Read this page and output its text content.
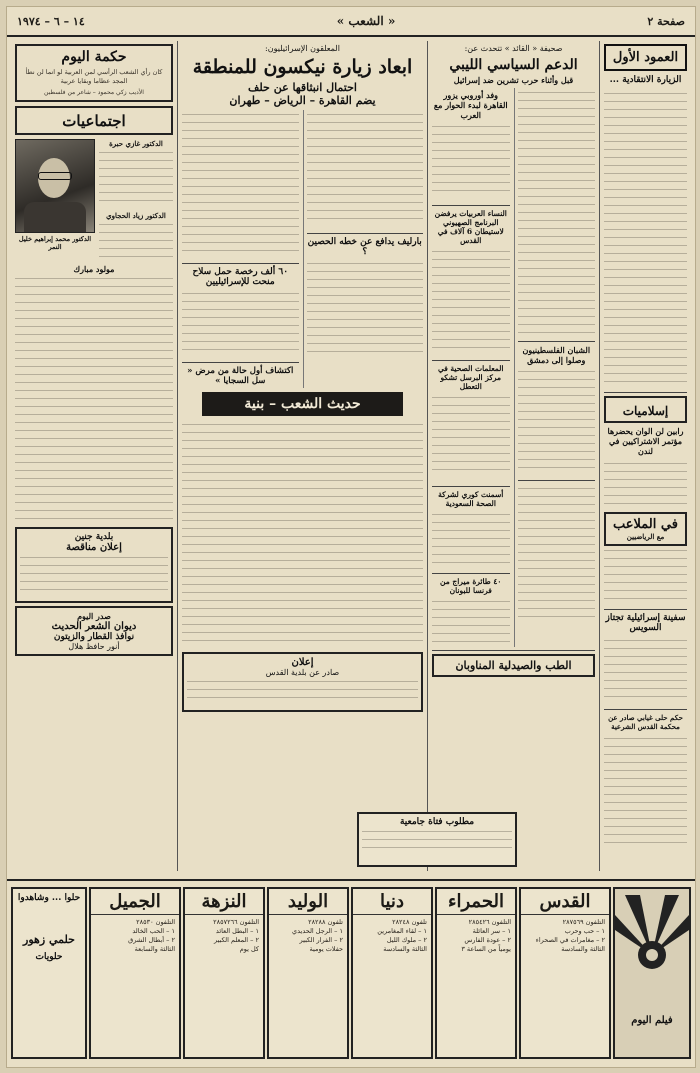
١٤ – ٦ – ١٩٧٤	« الشعب »	صفحة ٢
العمود الأول
الزيارة الانتقادية ...
إسلاميات
رابين لن الوان يحضرها مؤتمر الاشتراكيين في لندن
في الملاعب
مع الرياضيين
سفينة إسرائيلية تجتاز السويس
حكم حلى غيابي صادر عن محكمة القدس الشرعية
صحيفة « القائد » تتحدث عن:
الدعم السياسي الليبي
قبل وأثناء حرب تشرين ضد إسرائيل
وفد أوروبي يزور القاهرة لبدء الحوار مع العرب
النساء العربيات يرفضن البرنامج الصهيوني لاستيطان 6 آلاف في القدس
المعلمات الصحية في مركز البرسل تشكو التعطل
أسمنت كوري لشركة الصحة السعودية
٤٠ طائرة ميراج من فرنسا للبونان
الشبان الفلسطينيون وصلوا إلى دمشق
الطب والصيدلية المناوبان
المعلقون الإسرائيليون:
ابعاد زيارة نيكسون للمنطقة
احتمال انبثاقها عن حلف
يضم القاهرة – الرياض – طهران
٦٠ ألف رخصة حمل سلاح منحت للإسرائيليين
اكتشاف أول حالة من مرض « سل السجايا »
بارليف يدافع عن خطه الحصين ؟
حديث الشعب – بنية
إعلان
صادر عن بلدية القدس
مطلوب فتاة جامعية
حكمة اليوم
كان رأي الشعب الرأسي لمن العربية لو انما لن نطأ المجد عظاما وبقايا عربية
الأديب زكي محمود – شاعر من فلسطين
اجتماعيات
الدكتور محمد إبراهيم خليل النمر
الدكتور غازي حبرة
الدكتور زياد الحجاوي
مولود مبارك
بلدية جنين
إعلان مناقصة
صدر اليوم
ديوان الشعر الحديث
نوافذ القطار والزيتون
أنور حافظ هلال
القدس
التلفون ٢٨٧٥٦٩
١ – حب وحرب
٢ – مغامرات في الصحراء
الثالثة والسادسة
الحمراء
التلفون ٢٨٥٤٢٦
١ – سر العائلة
٢ – عودة الفارس
يومياً من الساعة ٣
دنيا
تلفون ٢٨٢٤٨
١ – لقاء المغامرين
٢ – ملوك الليل
الثالثة والسادسة
الوليد
تلفون ٢٨٢٨٨
١ – الرجل الحديدي
٢ – الفرار الكبير
حفلات يومية
النزهة
التلفون ٢٨٥٧٢٦٦
١ – البطل العائد
٢ – المعلم الكبير
كل يوم
الجميل
التلفون ٢٨٥٣٠
١ – الحب الخالد
٢ – أبطال الشرق
الثالثة والسابعة
حلوا ... وشاهدوا
حلمي زهور
حلويات
فيلم اليوم
